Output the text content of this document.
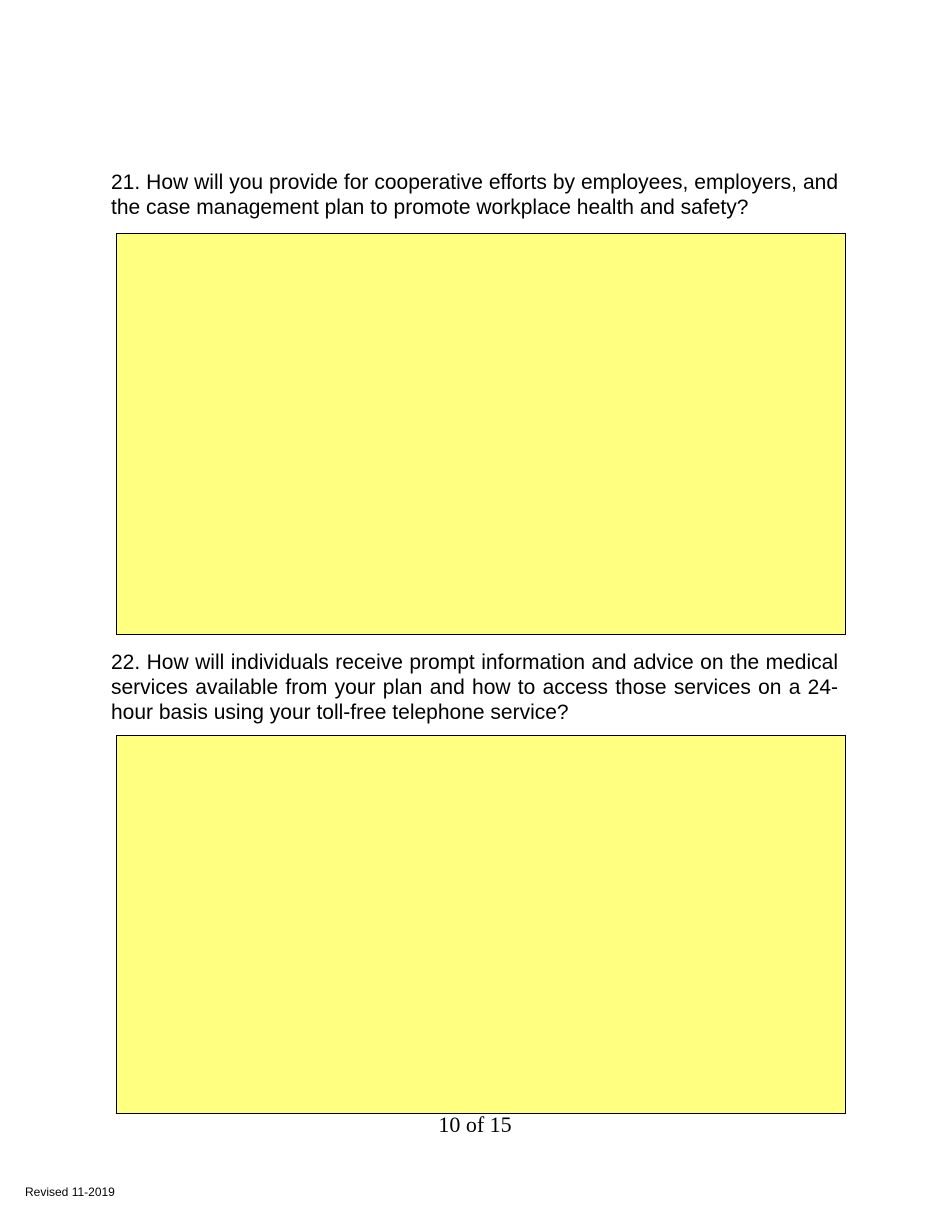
21. How will you provide for cooperative efforts by employees, employers, and the case management plan to promote workplace health and safety?

22. How will individuals receive prompt information and advice on the medical services available from your plan and how to access those services on a 24-hour basis using your toll-free telephone service?

10 of 15
Revised 11-2019
